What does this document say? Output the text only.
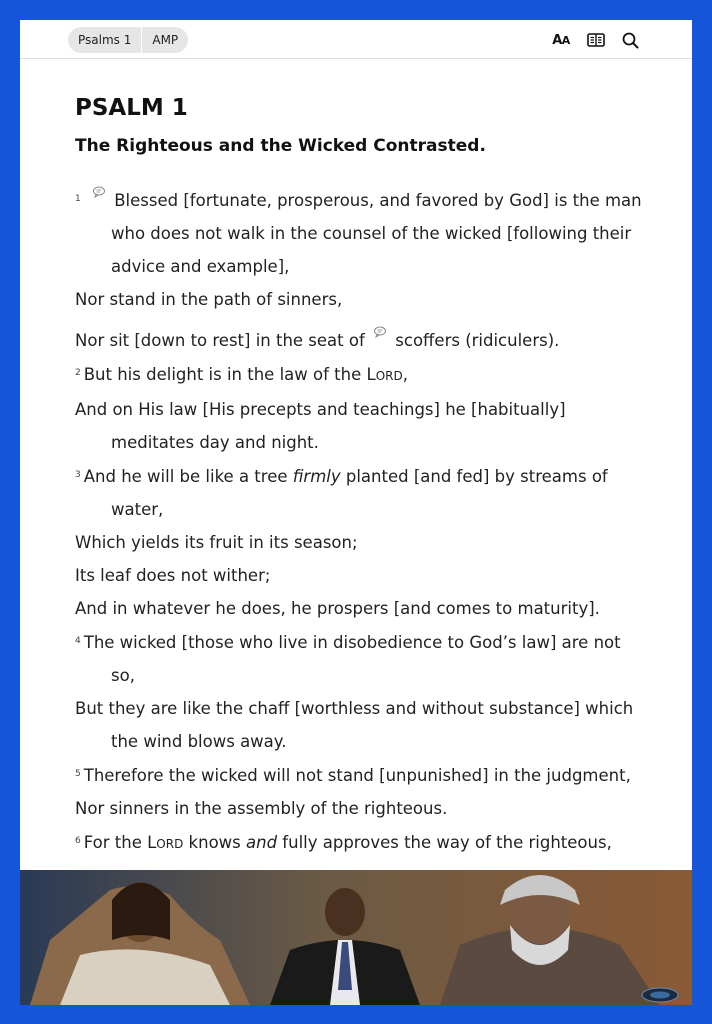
Psalms 1	AMP	AA
PSALM 1
The Righteous and the Wicked Contrasted.
$^1$ Blessed [fortunate, prosperous, and favored by God] is the man
who does not walk in the counsel of the wicked [following their
advice and example],
Nor stand in the path of sinners,
Nor sit [down to rest] in the seat of scoffers (ridiculers).
$^2$ But his delight is in the law of the LORD,
And on His law [His precepts and teachings] he [habitually]
meditates day and night.
$^3$ And he will be like a tree firmly planted [and fed] by streams of
water,
Which yields its fruit in its season;
Its leaf does not wither;
And in whatever he does, he prospers [and comes to maturity].
$^4$ The wicked [those who live in disobedience to God’s law] are not
so,
But they are like the chaff [worthless and without substance] which
the wind blows away.
$^5$ Therefore the wicked will not stand [unpunished] in the judgment,
Nor sinners in the assembly of the righteous.
$^6$ For the LORD knows and fully approves the way of the righteous,
